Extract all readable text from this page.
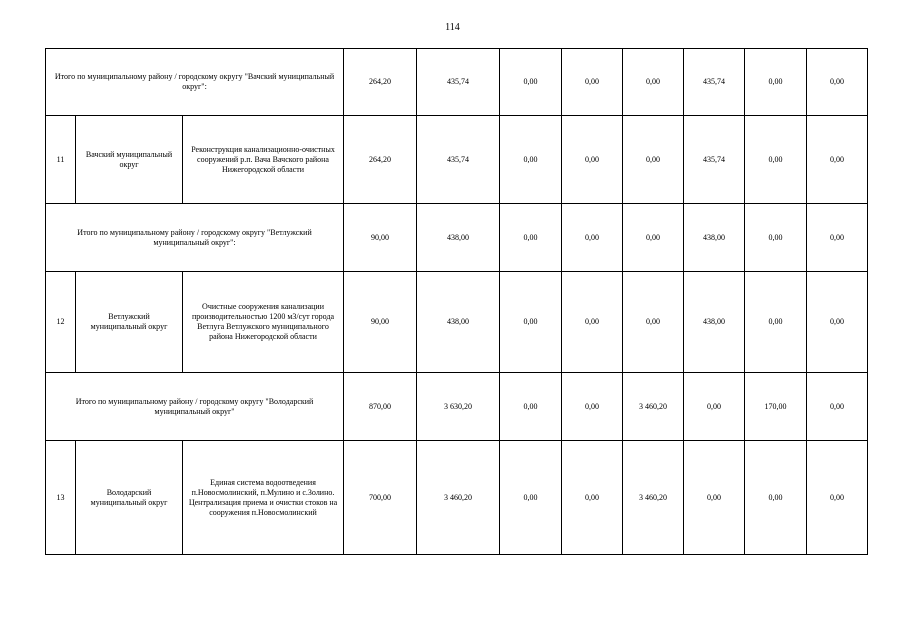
114
Итого по муниципальному району / городскому округу "Вачский муниципальный округ":			264,20	435,74	0,00	0,00	0,00	435,74	0,00	0,00
11	Вачский муниципальный округ	Реконструкция канализационно-очистных сооружений р.п. Вача Вачского района Нижегородской области	264,20	435,74	0,00	0,00	0,00	435,74	0,00	0,00
Итого по муниципальному району / городскому округу "Ветлужский муниципальный округ":			90,00	438,00	0,00	0,00	0,00	438,00	0,00	0,00
12	Ветлужский муниципальный округ	Очистные сооружения канализации производительностью 1200 м3/сут города Ветлуга Ветлужского муниципального района Нижегородской области	90,00	438,00	0,00	0,00	0,00	438,00	0,00	0,00
Итого по муниципальному району / городскому округу "Володарский муниципальный округ"			870,00	3 630,20	0,00	0,00	3 460,20	0,00	170,00	0,00
13	Володарский муниципальный округ	Единая система водоотведения п.Новосмолинский, п.Мулино и с.Золино. Централизация приема и очистки стоков на сооружения п.Новосмолинский	700,00	3 460,20	0,00	0,00	3 460,20	0,00	0,00	0,00
